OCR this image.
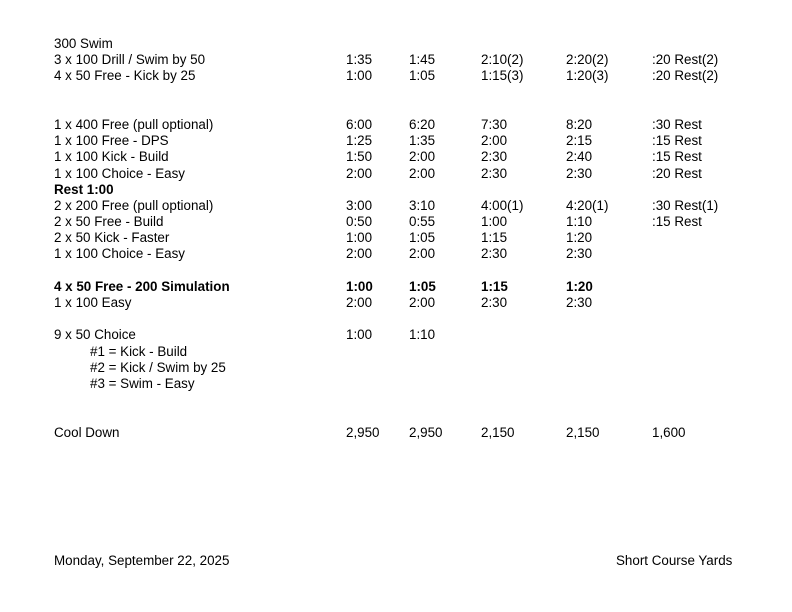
300 Swim
3 x 100 Drill / Swim by 50	1:35	1:45	2:10(2)	2:20(2)	:20 Rest(2)
4 x 50 Free - Kick by 25	1:00	1:05	1:15(3)	1:20(3)	:20 Rest(2)
1 x 400 Free (pull optional)	6:00	6:20	7:30	8:20	:30 Rest
1 x 100 Free - DPS	1:25	1:35	2:00	2:15	:15 Rest
1 x 100 Kick - Build	1:50	2:00	2:30	2:40	:15 Rest
1 x 100 Choice - Easy	2:00	2:00	2:30	2:30	:20 Rest
Rest 1:00
2 x 200 Free (pull optional)	3:00	3:10	4:00(1)	4:20(1)	:30 Rest(1)
2 x 50 Free - Build	0:50	0:55	1:00	1:10	:15 Rest
2 x 50 Kick - Faster	1:00	1:05	1:15	1:20
1 x 100 Choice - Easy	2:00	2:00	2:30	2:30
4 x 50 Free - 200 Simulation	1:00	1:05	1:15	1:20
1 x 100 Easy	2:00	2:00	2:30	2:30
9 x 50 Choice	1:00	1:10
#1 = Kick - Build
#2 = Kick / Swim by 25
#3 = Swim - Easy
Cool Down	2,950 2,950	2,150	2,150	1,600
Monday, September 22, 2025	Short Course Yards
